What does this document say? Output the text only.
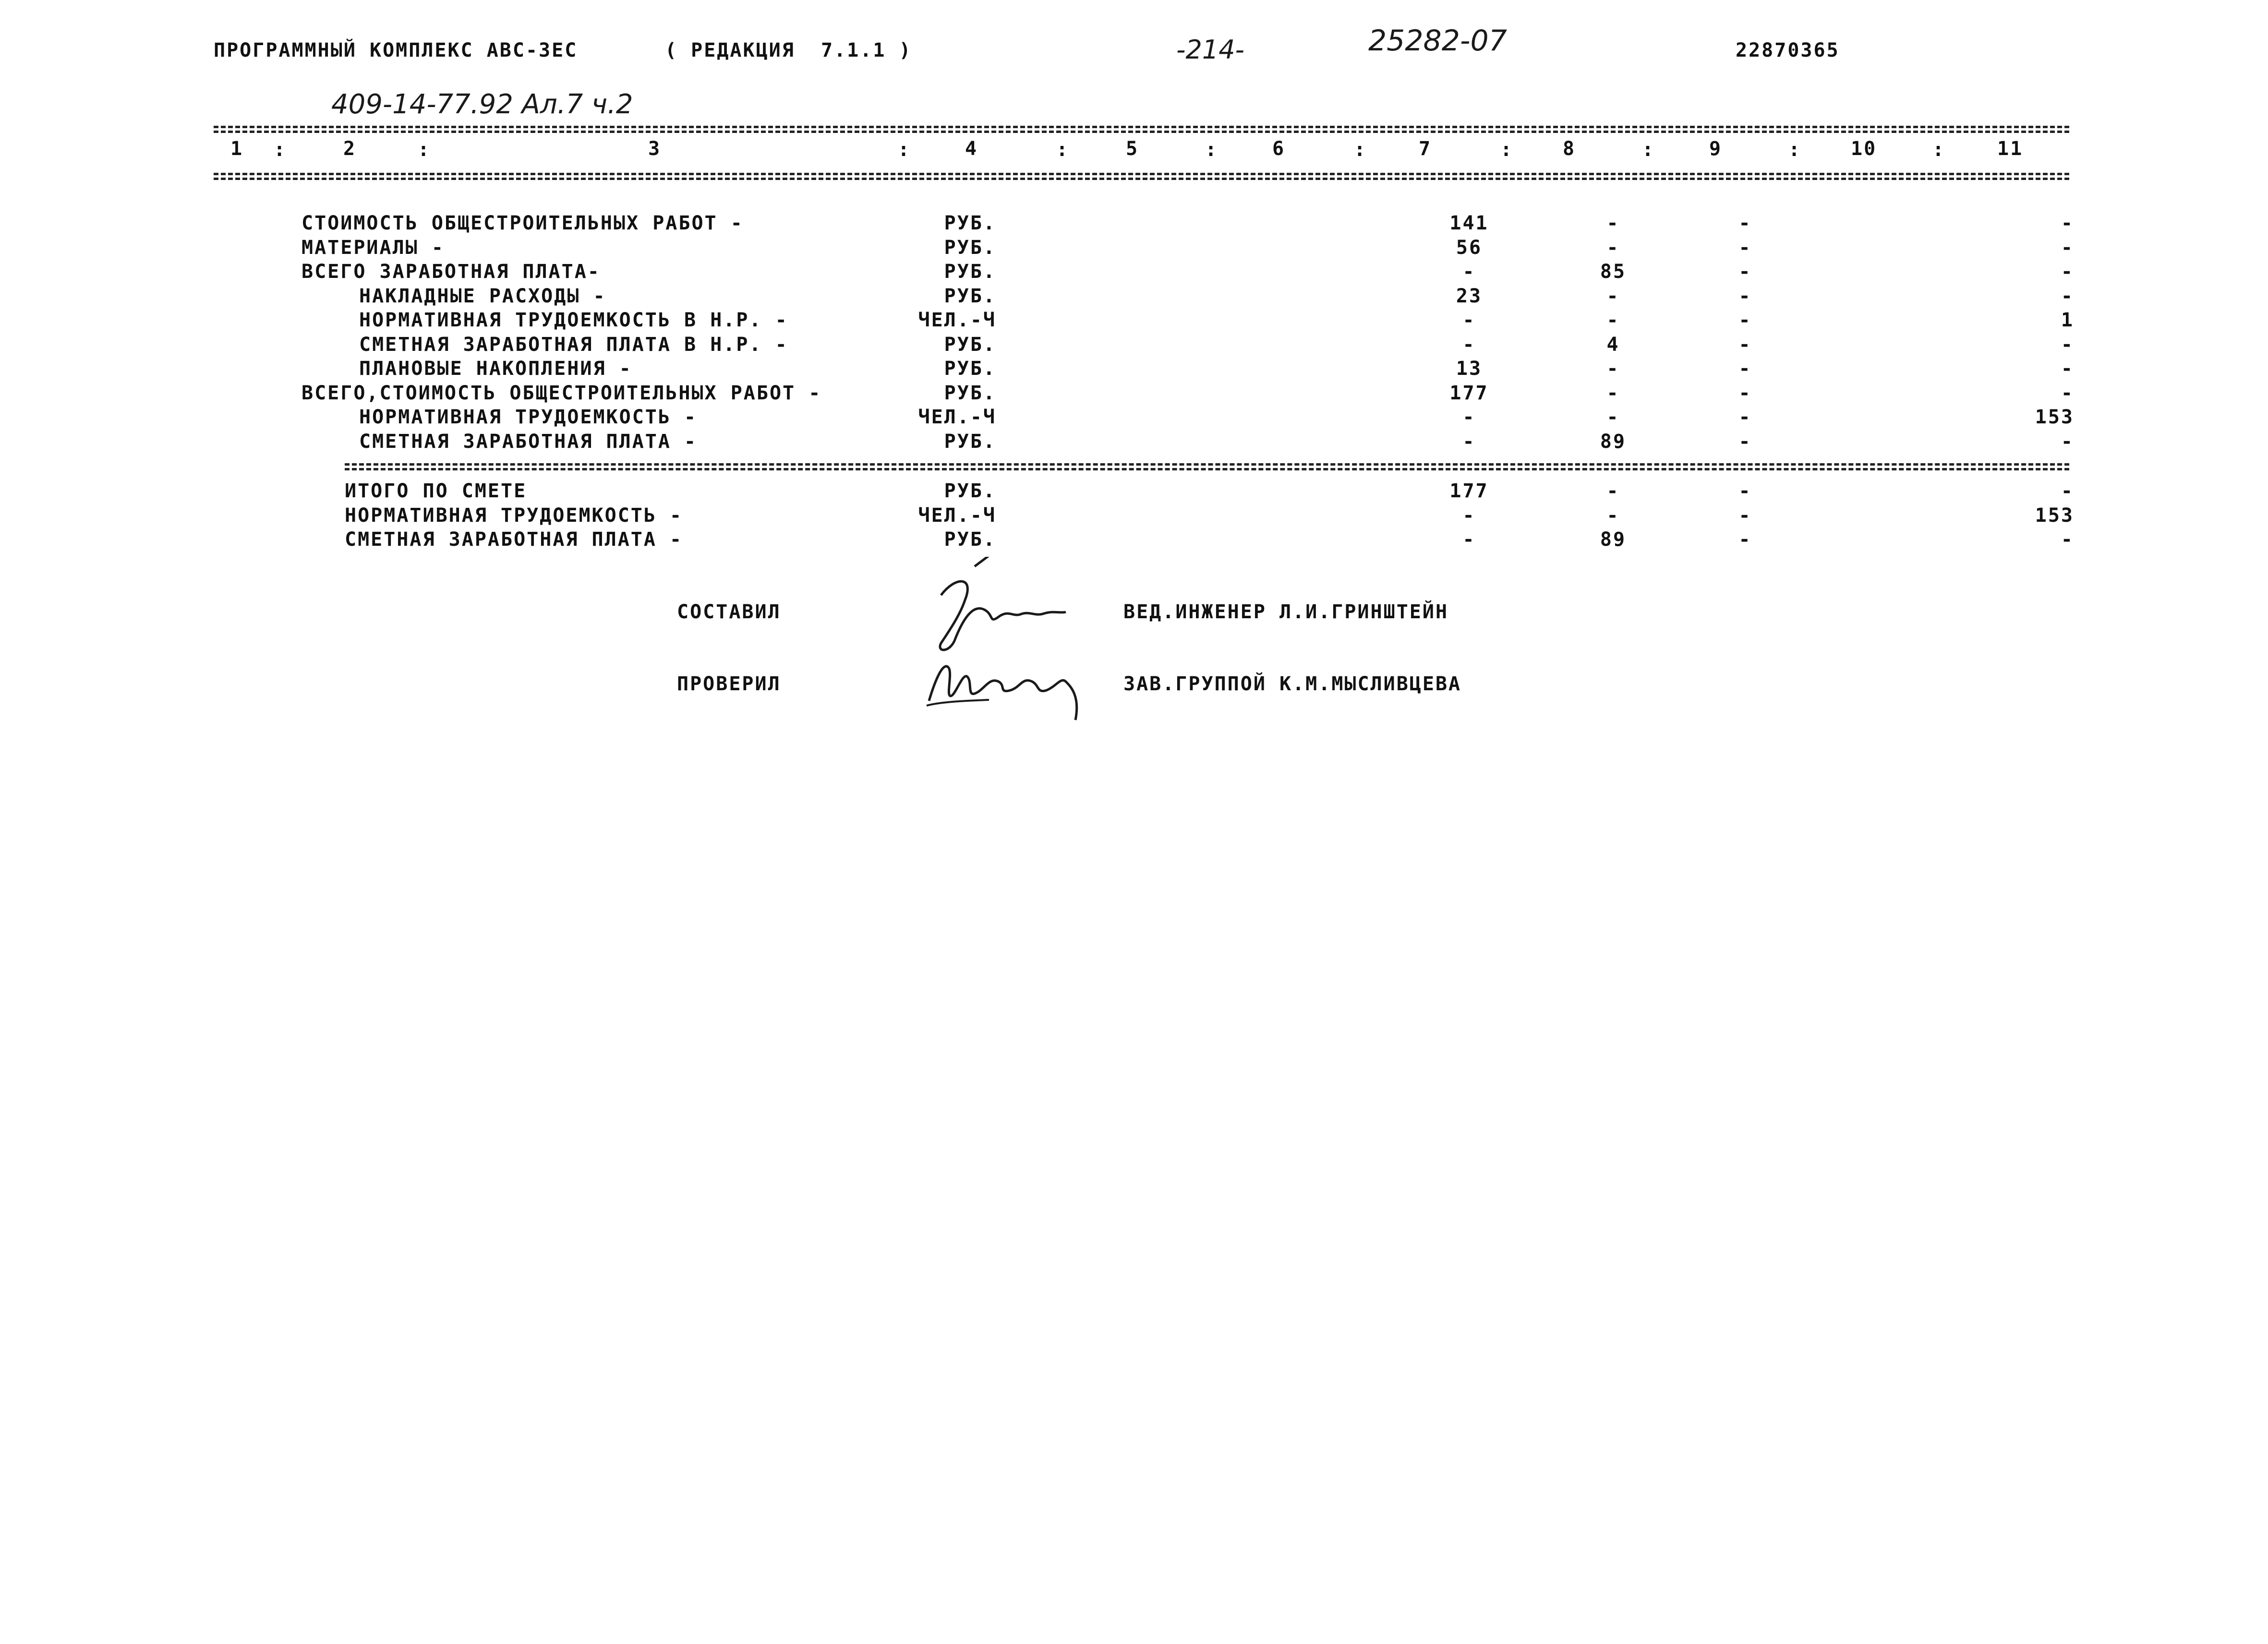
ПРОГРАММНЫЙ КОМПЛЕКС АВС-3ЕС	( РЕДАКЦИЯ  7.1.1 )	-214-	25282-07	22870365
409-14-77.92 Ал.7 ч.2
1	2	3	4	5	6	7	8	9	10	11
:	:	:	:	:	:	:	:	:	:
СТОИМОСТЬ ОБЩЕСТРОИТЕЛЬНЫХ РАБОТ -	РУБ.	141	-	-	-
МАТЕРИАЛЫ -	РУБ.	56	-	-	-
ВСЕГО ЗАРАБОТНАЯ ПЛАТА-	РУБ.	-	85	-	-
НАКЛАДНЫЕ РАСХОДЫ -	РУБ.	23	-	-	-
НОРМАТИВНАЯ ТРУДОЕМКОСТЬ В Н.Р. -	ЧЕЛ.-Ч	-	-	-	1
СМЕТНАЯ ЗАРАБОТНАЯ ПЛАТА В Н.Р. -	РУБ.	-	4	-	-
ПЛАНОВЫЕ НАКОПЛЕНИЯ -	РУБ.	13	-	-	-
ВСЕГО,СТОИМОСТЬ ОБЩЕСТРОИТЕЛЬНЫХ РАБОТ -	РУБ.	177	-	-	-
НОРМАТИВНАЯ ТРУДОЕМКОСТЬ -	ЧЕЛ.-Ч	-	-	-	153
СМЕТНАЯ ЗАРАБОТНАЯ ПЛАТА -	РУБ.	-	89	-	-
ИТОГО ПО СМЕТЕ	РУБ.	177	-	-	-
НОРМАТИВНАЯ ТРУДОЕМКОСТЬ -	ЧЕЛ.-Ч	-	-	-	153
СМЕТНАЯ ЗАРАБОТНАЯ ПЛАТА -	РУБ.	-	89	-	-
СОСТАВИЛ	ВЕД.ИНЖЕНЕР Л.И.ГРИНШТЕЙН
ПРОВЕРИЛ	ЗАВ.ГРУППОЙ К.М.МЫСЛИВЦЕВА
